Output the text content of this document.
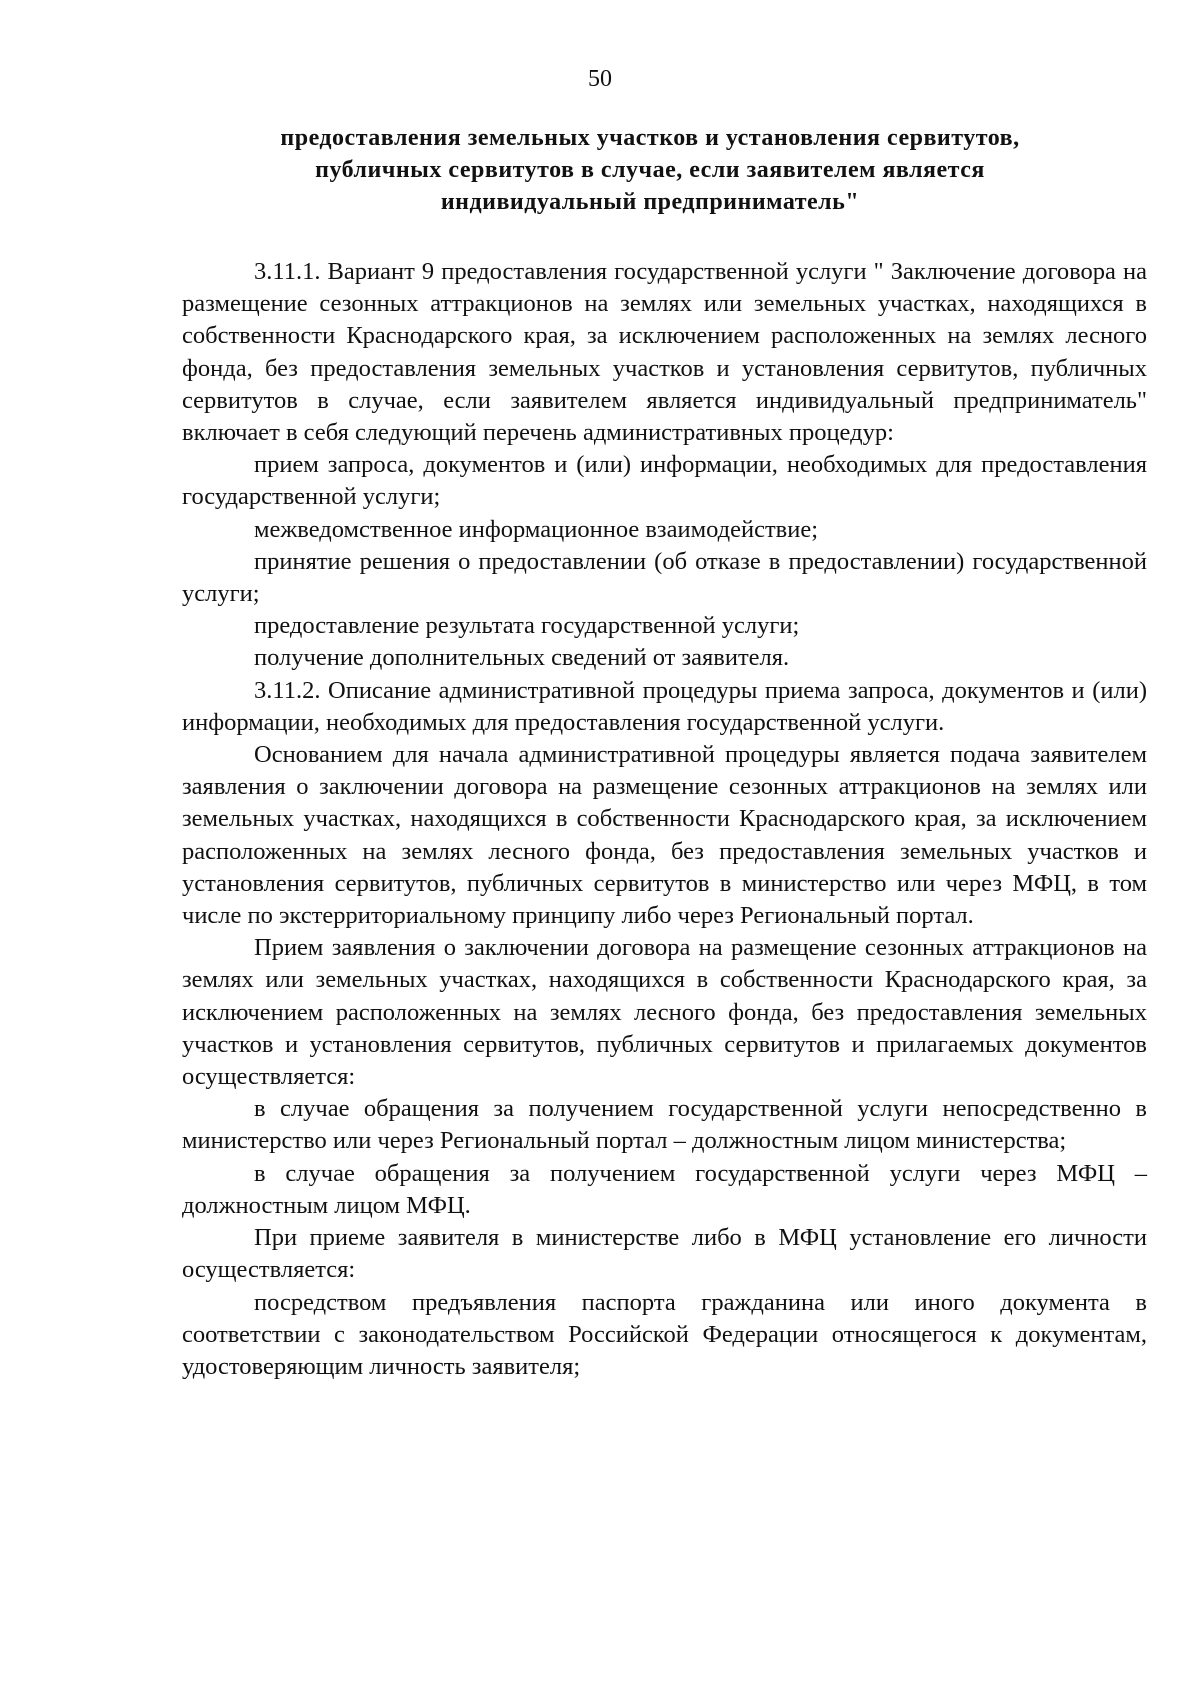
50
предоставления земельных участков и установления сервитутов,
публичных сервитутов в случае, если заявителем является
индивидуальный предприниматель"

3.11.1. Вариант 9 предоставления государственной услуги " Заключение договора на размещение сезонных аттракционов на землях или земельных участках, находящихся в собственности Краснодарского края, за исключением расположенных на землях лесного фонда, без предоставления земельных участков и установления сервитутов, публичных сервитутов в случае, если заявителем является индивидуальный предприниматель" включает в себя следующий перечень административных процедур:

прием запроса, документов и (или) информации, необходимых для предоставления государственной услуги;

межведомственное информационное взаимодействие;

принятие решения о предоставлении (об отказе в предоставлении) государственной услуги;

предоставление результата государственной услуги;

получение дополнительных сведений от заявителя.

3.11.2. Описание административной процедуры приема запроса, документов и (или) информации, необходимых для предоставления государственной услуги.

Основанием для начала административной процедуры является подача заявителем заявления о заключении договора на размещение сезонных аттракционов на землях или земельных участках, находящихся в собственности Краснодарского края, за исключением расположенных на землях лесного фонда, без предоставления земельных участков и установления сервитутов, публичных сервитутов в министерство или через МФЦ, в том числе по экстерриториальному принципу либо через Региональный портал.

Прием заявления о заключении договора на размещение сезонных аттракционов на землях или земельных участках, находящихся в собственности Краснодарского края, за исключением расположенных на землях лесного фонда, без предоставления земельных участков и установления сервитутов, публичных сервитутов и прилагаемых документов осуществляется:

в случае обращения за получением государственной услуги непосредственно в министерство или через Региональный портал – должностным лицом министерства;

в случае обращения за получением государственной услуги через МФЦ – должностным лицом МФЦ.

При приеме заявителя в министерстве либо в МФЦ установление его личности осуществляется:

посредством предъявления паспорта гражданина или иного документа в соответствии с законодательством Российской Федерации относящегося к документам, удостоверяющим личность заявителя;
